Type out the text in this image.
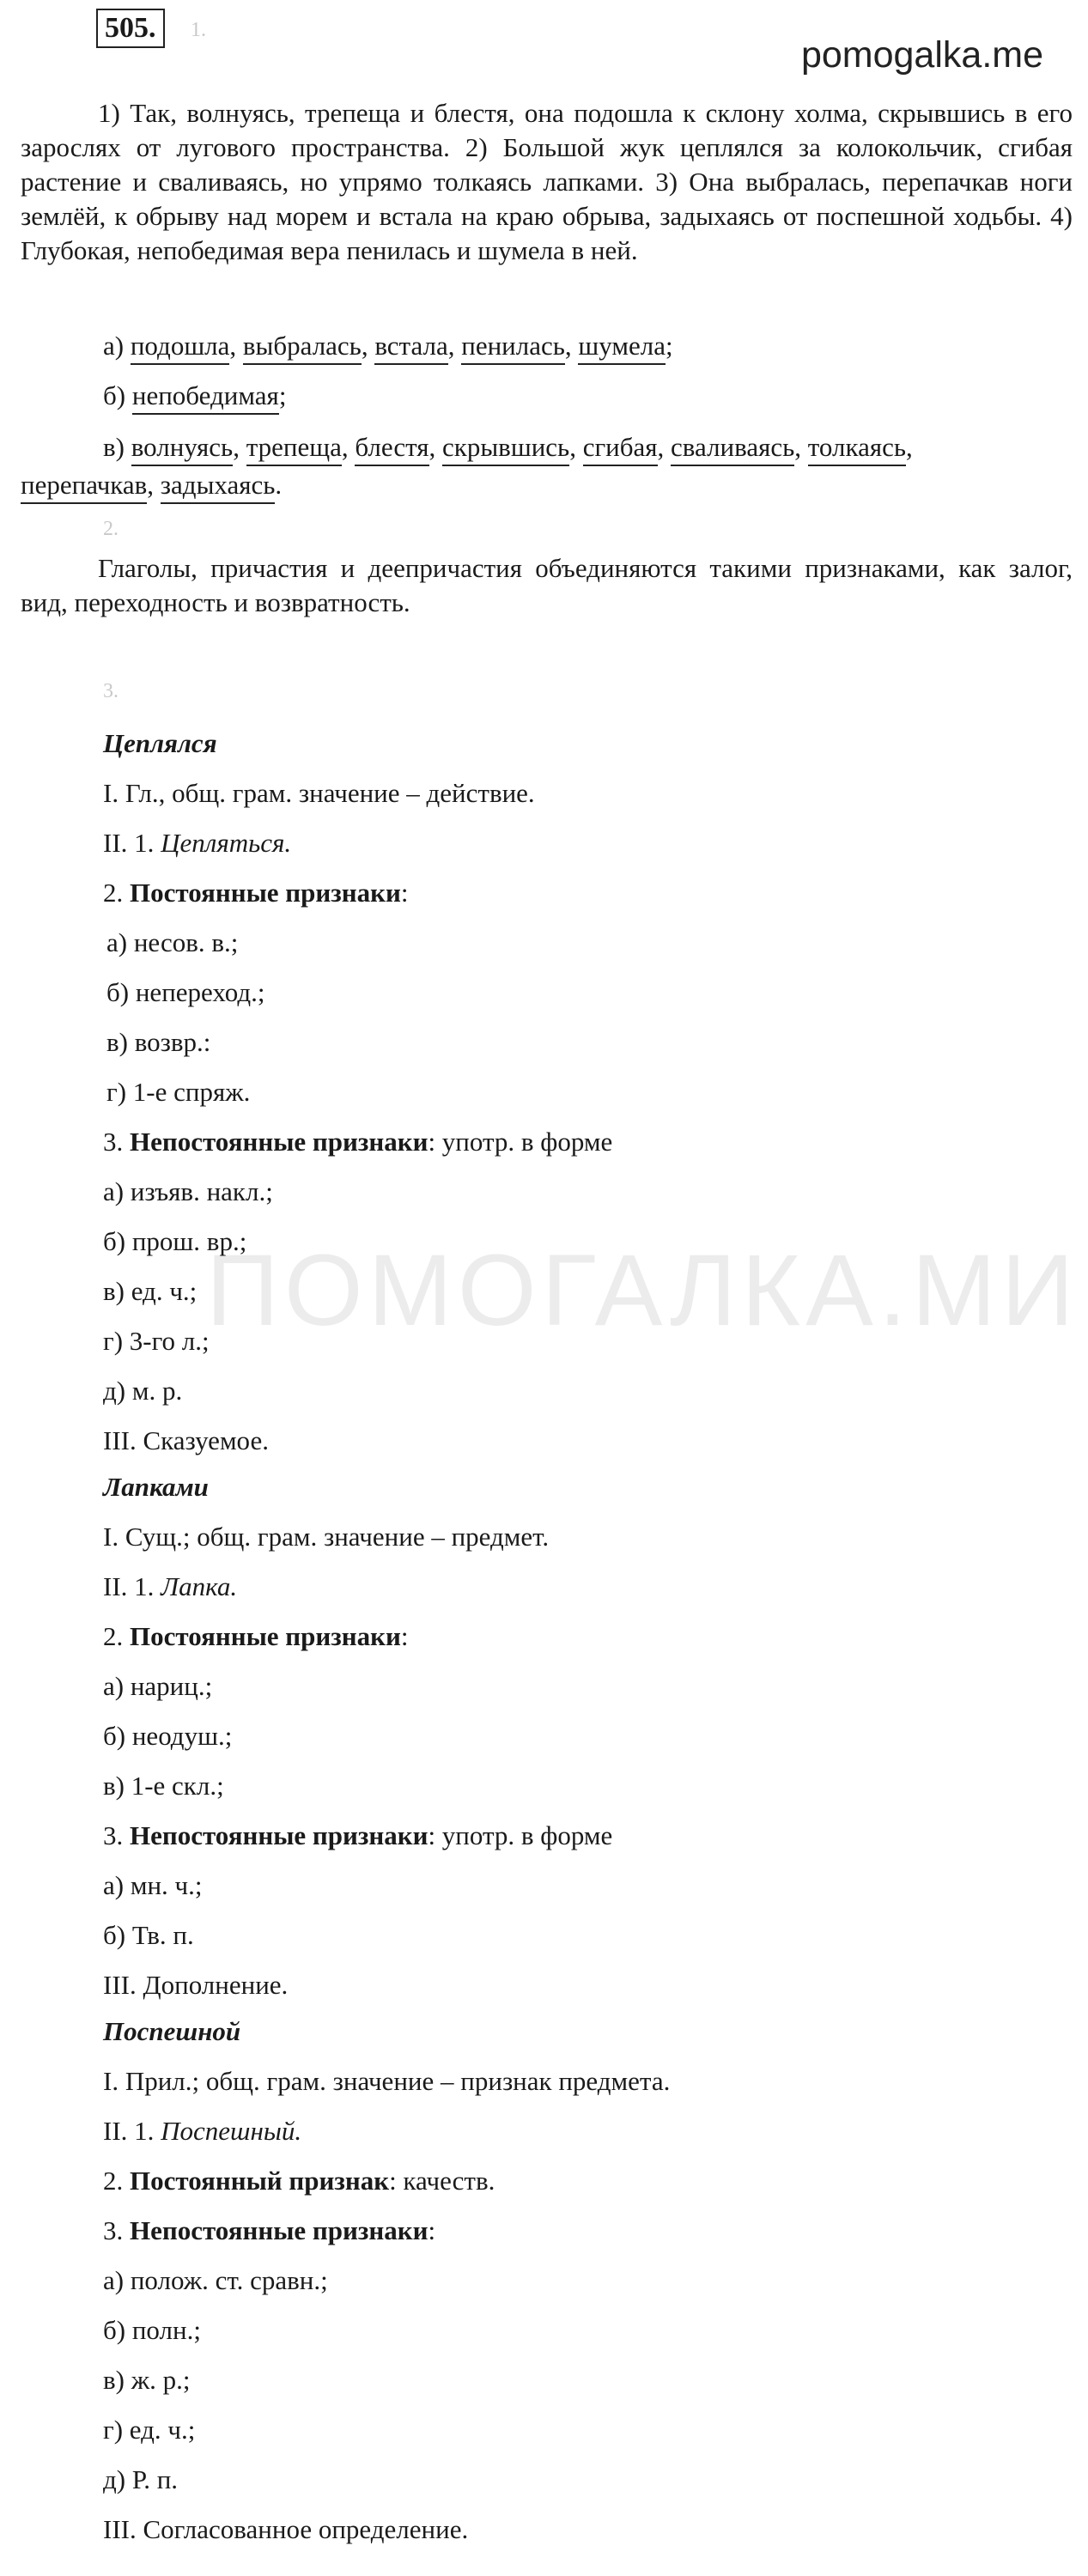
505.	1.
pomogalka.me
ПОМОГАЛКА.МИ
1) Так, волнуясь, трепеща и блестя, она подошла к склону холма, скрывшись в его зарослях от лугового пространства. 2) Большой жук цеплялся за колокольчик, сгибая растение и сваливаясь, но упрямо толкаясь лапками. 3) Она выбралась, перепачкав ноги землёй, к обрыву над морем и встала на краю обрыва, задыхаясь от поспешной ходьбы. 4) Глубокая, непобедимая вера пенилась и шумела в ней.
а) подошла, выбралась, встала, пенилась, шумела;
б) непобедимая;
в) волнуясь, трепеща, блестя, скрывшись, сгибая, сваливаясь, толкаясь,
перепачкав, задыхаясь.
2.
Глаголы, причастия и деепричастия объединяются такими признаками, как залог, вид, переходность и возвратность.
3.
Цеплялся
I. Гл., общ. грам. значение – действие.
II. 1. Цепляться.
2. Постоянные признаки:
а) несов. в.;
б) непереход.;
в) возвр.:
г) 1-е спряж.
3. Непостоянные признаки: употр. в форме
а) изъяв. накл.;
б) прош. вр.;
в) ед. ч.;
г) 3-го л.;
д) м. р.
III. Сказуемое.
Лапками
I. Сущ.; общ. грам. значение – предмет.
II. 1. Лапка.
2. Постоянные признаки:
а) нариц.;
б) неодуш.;
в) 1-е скл.;
3. Непостоянные признаки: употр. в форме
а) мн. ч.;
б) Тв. п.
III. Дополнение.
Поспешной
I. Прил.; общ. грам. значение – признак предмета.
II. 1. Поспешный.
2. Постоянный признак: качеств.
3. Непостоянные признаки:
а) полож. ст. сравн.;
б) полн.;
в) ж. р.;
г) ед. ч.;
д) Р. п.
III. Согласованное определение.
